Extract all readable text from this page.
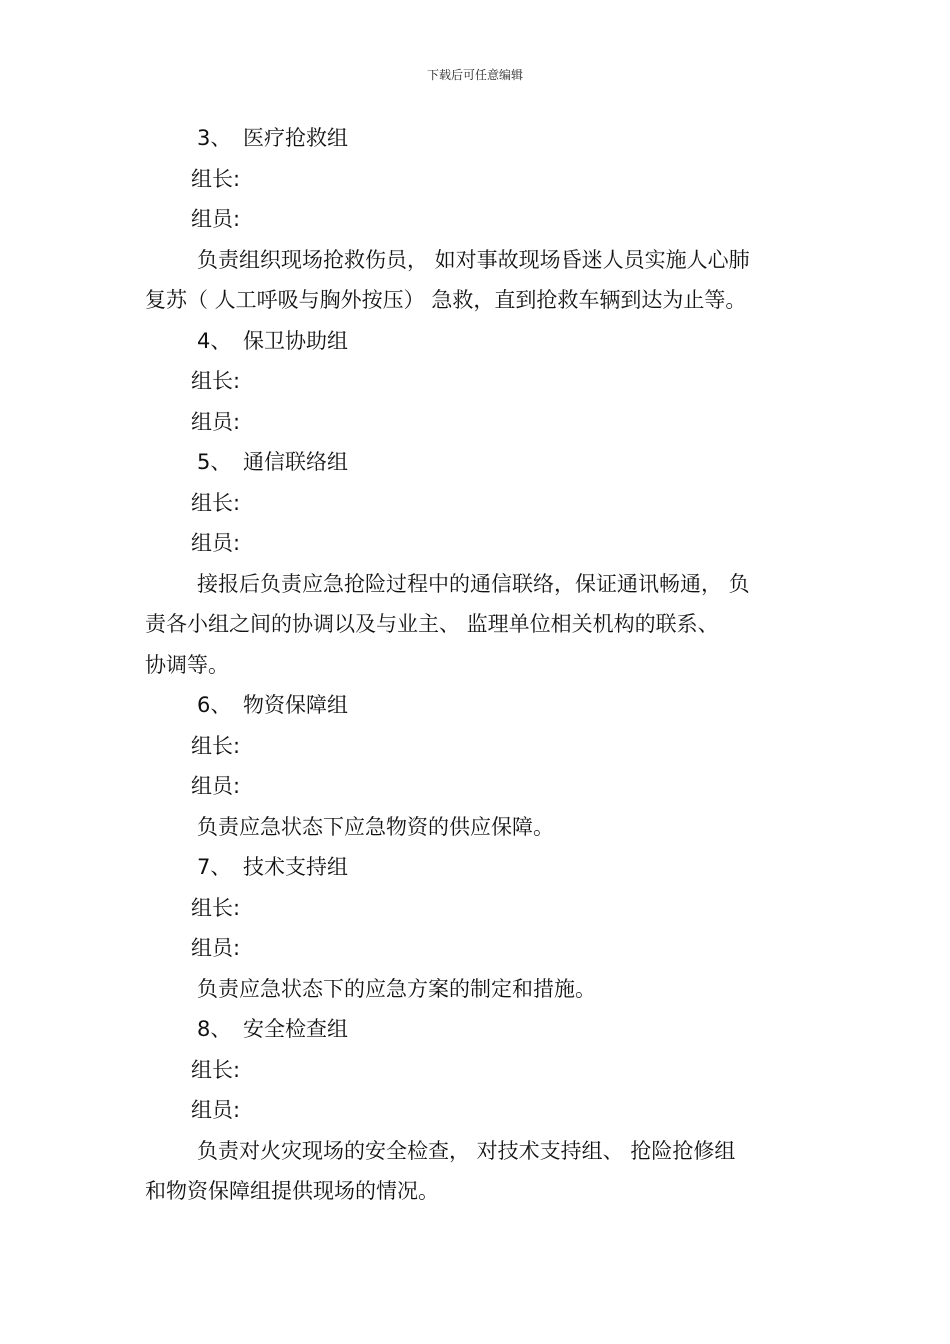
下载后可任意编辑
3、 医疗抢救组
组长:
组员:
负责组织现场抢救伤员， 如对事故现场昏迷人员实施人心肺
复苏（ 人工呼吸与胸外按压） 急救，直到抢救车辆到达为止等。
4、 保卫协助组
组长:
组员:
5、 通信联络组
组长:
组员:
接报后负责应急抢险过程中的通信联络，保证通讯畅通， 负
责各小组之间的协调以及与业主、 监理单位相关机构的联系、
协调等。
6、 物资保障组
组长:
组员:
负责应急状态下应急物资的供应保障。
7、 技术支持组
组长:
组员:
负责应急状态下的应急方案的制定和措施。
8、 安全检查组
组长:
组员:
负责对火灾现场的安全检查， 对技术支持组、 抢险抢修组
和物资保障组提供现场的情况。
